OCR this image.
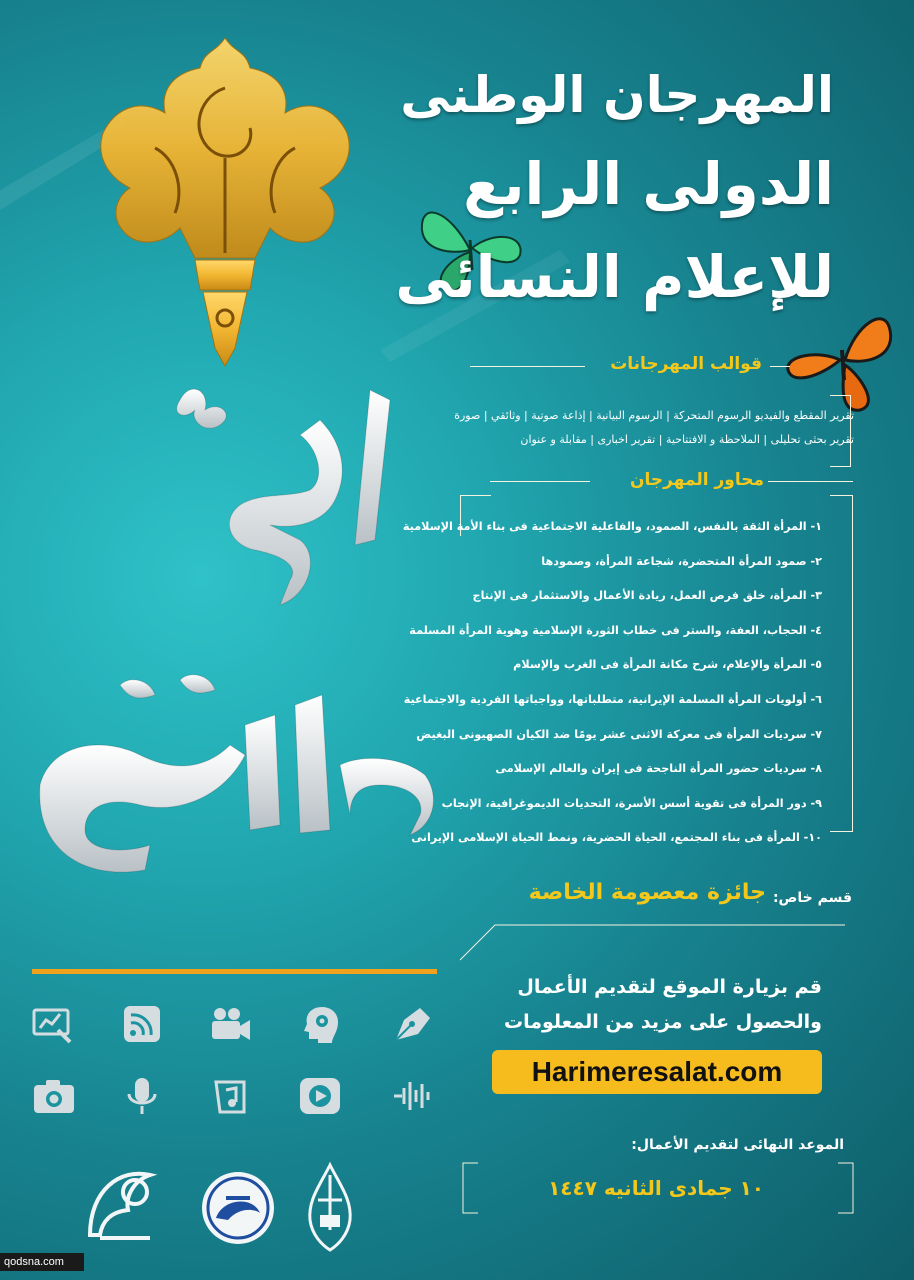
المهرجان الوطنی
الدولی الرابع
للإعلام النسائی
قوالب المهرجانات
تقرير المقطع والفيديو الرسوم المتحركة | الرسوم البيانية | إذاعة صوتية | وثائقي | صورة
تقرير بحثى تحليلى | الملاحظة و الافتتاحية | تقرير اخبارى | مقابلة و عنوان
محاور المهرجان
١- المرأة الثقة بالنفس، الصمود، والفاعلية الاجتماعية فی بناء الأمة الإسلامية
٢- صمود المرأة المتحضرة، شجاعة المرأة، وصمودها
٣- المرأة، خلق فرص العمل، ريادة الأعمال والاستثمار فی الإنتاج
٤- الحجاب، العفة، والستر فی خطاب الثورة الإسلامية وهوية المرأة المسلمة
٥- المرأة والإعلام، شرح مكانة المرأة فی الغرب والإسلام
٦- أولويات المرأة المسلمة الإيرانية، متطلباتها، وواجباتها الفردية والاجتماعية
٧- سرديات المرأة فی معركة الاثنی عشر يومًا ضد الكيان الصهيونی البغيض
٨- سرديات حضور المرأة الناجحة فی إيران والعالم الإسلامی
٩- دور المرأة فی تقوية أسس الأسرة، التحديات الديموغرافية، الإنجاب
١٠- المرأة فی بناء المجتمع، الحياة الحضرية، ونمط الحياة الإسلامی الإيرانی
قسم خاص:
جائزة معصومة الخاصة
قم بزيارة الموقع لتقديم الأعمال
والحصول على مزيد من المعلومات
Harimeresalat.com
الموعد النهائی لتقديم الأعمال:
١٠ جمادى الثانيه ١٤٤٧
qodsna.com
